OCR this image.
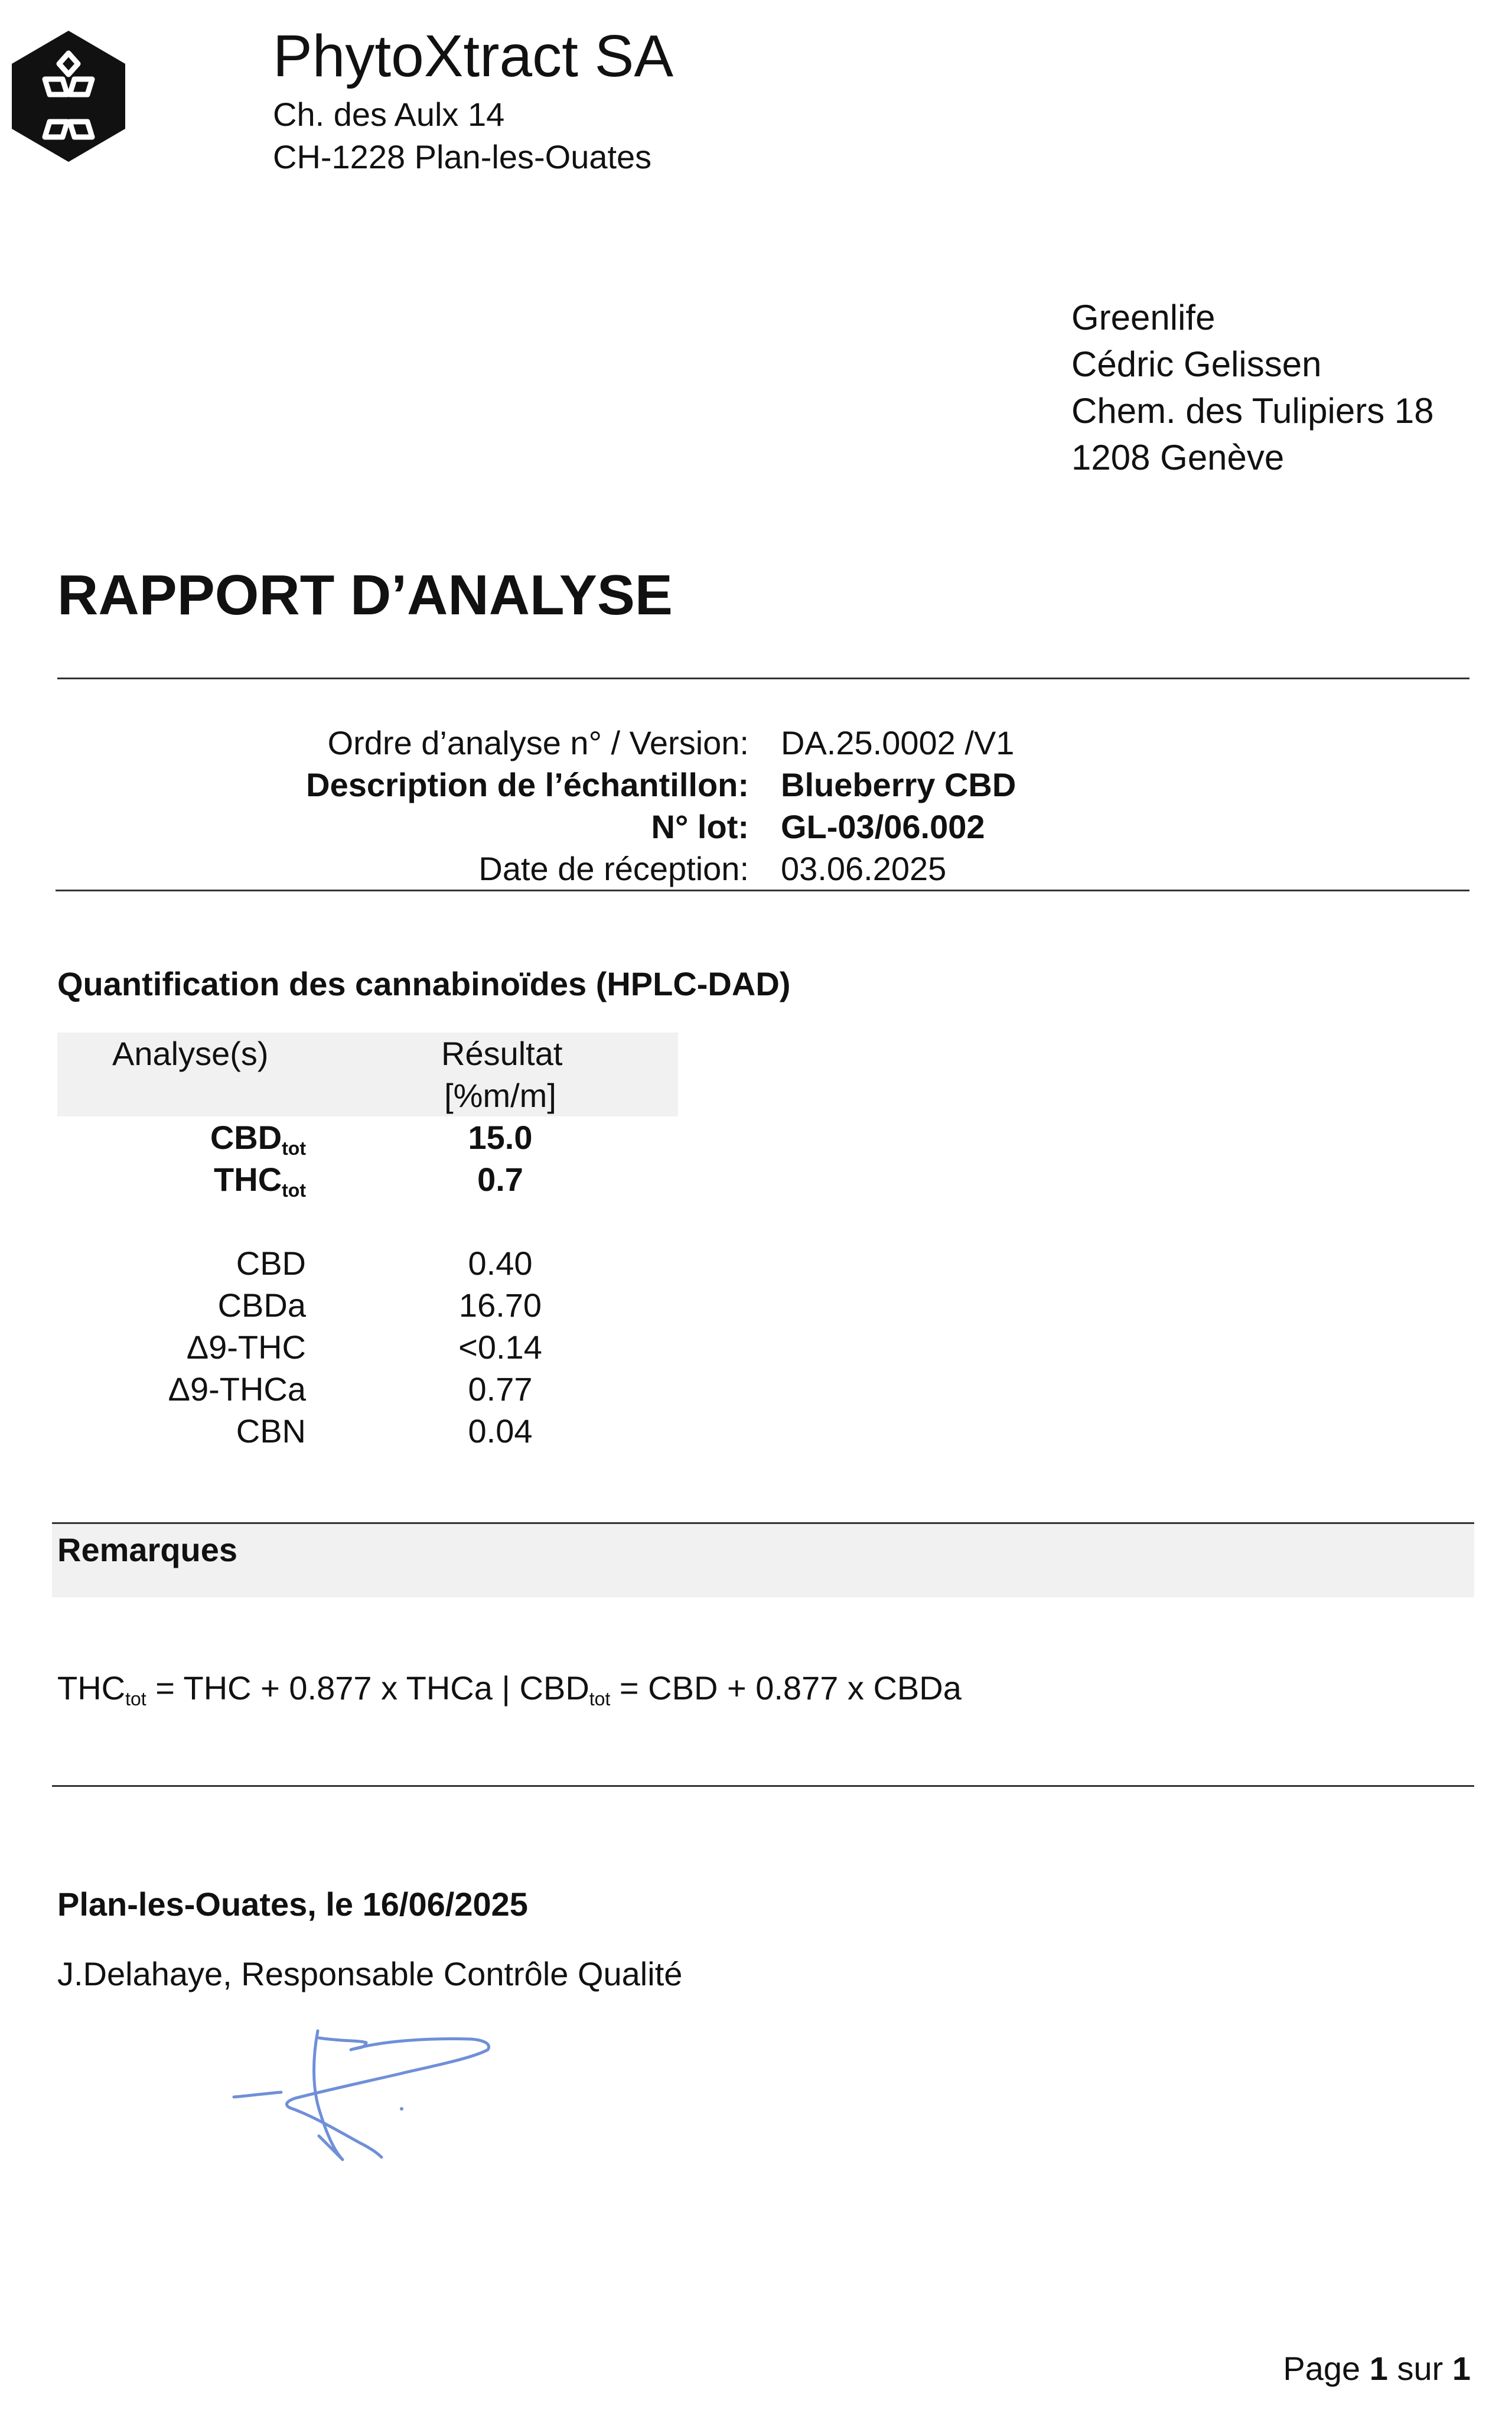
PhytoXtract SA
Ch. des Aulx 14
CH-1228 Plan-les-Ouates
Greenlife
Cédric Gelissen
Chem. des Tulipiers 18
1208 Genève
RAPPORT D’ANALYSE
Ordre d’analyse n° / Version: DA.25.0002 /V1
Description de l’échantillon: Blueberry CBD
N° lot: GL-03/06.002
Date de réception: 03.06.2025
Quantification des cannabinoïdes (HPLC-DAD)
Analyse(s)	Résultat
[%m/m]
$CBD_{tot}$	15.0
$THC_{tot}$	0.7
CBD	0.40
CBDa	16.70
Δ9-THC	<0.14
Δ9-THCa	0.77
CBN	0.04
Remarques
$THC_{tot}$ = THC + 0.877 x THCa | $CBD_{tot}$ = CBD + 0.877 x CBDa
Plan-les-Ouates, le 16/06/2025
J.Delahaye, Responsable Contrôle Qualité
Page 1 sur 1
